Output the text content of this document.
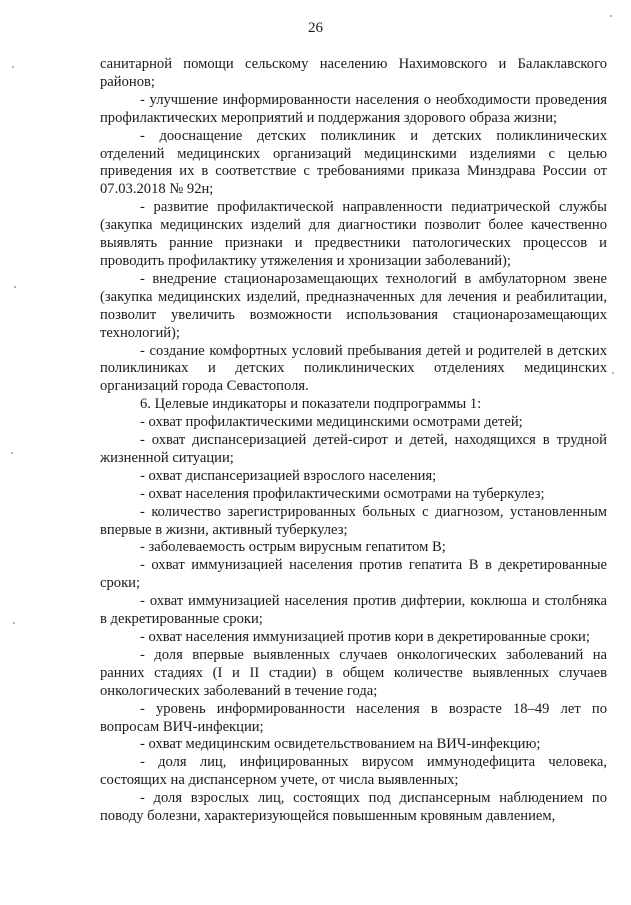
26

санитарной помощи сельскому населению Нахимовского и Балаклавского районов;

- улучшение информированности населения о необходимости проведения профилактических мероприятий и поддержания здорового образа жизни;

- дооснащение детских поликлиник и детских поликлинических отделений медицинских организаций медицинскими изделиями с целью приведения их в соответствие с требованиями приказа Минздрава России от 07.03.2018 № 92н;

- развитие профилактической направленности педиатрической службы (закупка медицинских изделий для диагностики позволит более качественно выявлять ранние признаки и предвестники патологических процессов и проводить профилактику утяжеления и хронизации заболеваний);

- внедрение стационарозамещающих технологий в амбулаторном звене (закупка медицинских изделий, предназначенных для лечения и реабилитации, позволит увеличить возможности использования стационарозамещающих технологий);

- создание комфортных условий пребывания детей и родителей в детских поликлиниках и детских поликлинических отделениях медицинских организаций города Севастополя.

6. Целевые индикаторы и показатели подпрограммы 1:

- охват профилактическими медицинскими осмотрами детей;

- охват диспансеризацией детей-сирот и детей, находящихся в трудной жизненной ситуации;

- охват диспансеризацией взрослого населения;

- охват населения профилактическими осмотрами на туберкулез;

- количество зарегистрированных больных с диагнозом, установленным впервые в жизни, активный туберкулез;

- заболеваемость острым вирусным гепатитом В;

- охват иммунизацией населения против гепатита В в декретированные сроки;

- охват иммунизацией населения против дифтерии, коклюша и столбняка в декретированные сроки;

- охват населения иммунизацией против кори в декретированные сроки;

- доля впервые выявленных случаев онкологических заболеваний на ранних стадиях (I и II стадии) в общем количестве выявленных случаев онкологических заболеваний в течение года;

- уровень информированности населения в возрасте 18–49 лет по вопросам ВИЧ-инфекции;

- охват медицинским освидетельствованием на ВИЧ-инфекцию;

- доля лиц, инфицированных вирусом иммунодефицита человека, состоящих на диспансерном учете, от числа выявленных;

- доля взрослых лиц, состоящих под диспансерным наблюдением по поводу болезни, характеризующейся повышенным кровяным давлением,
